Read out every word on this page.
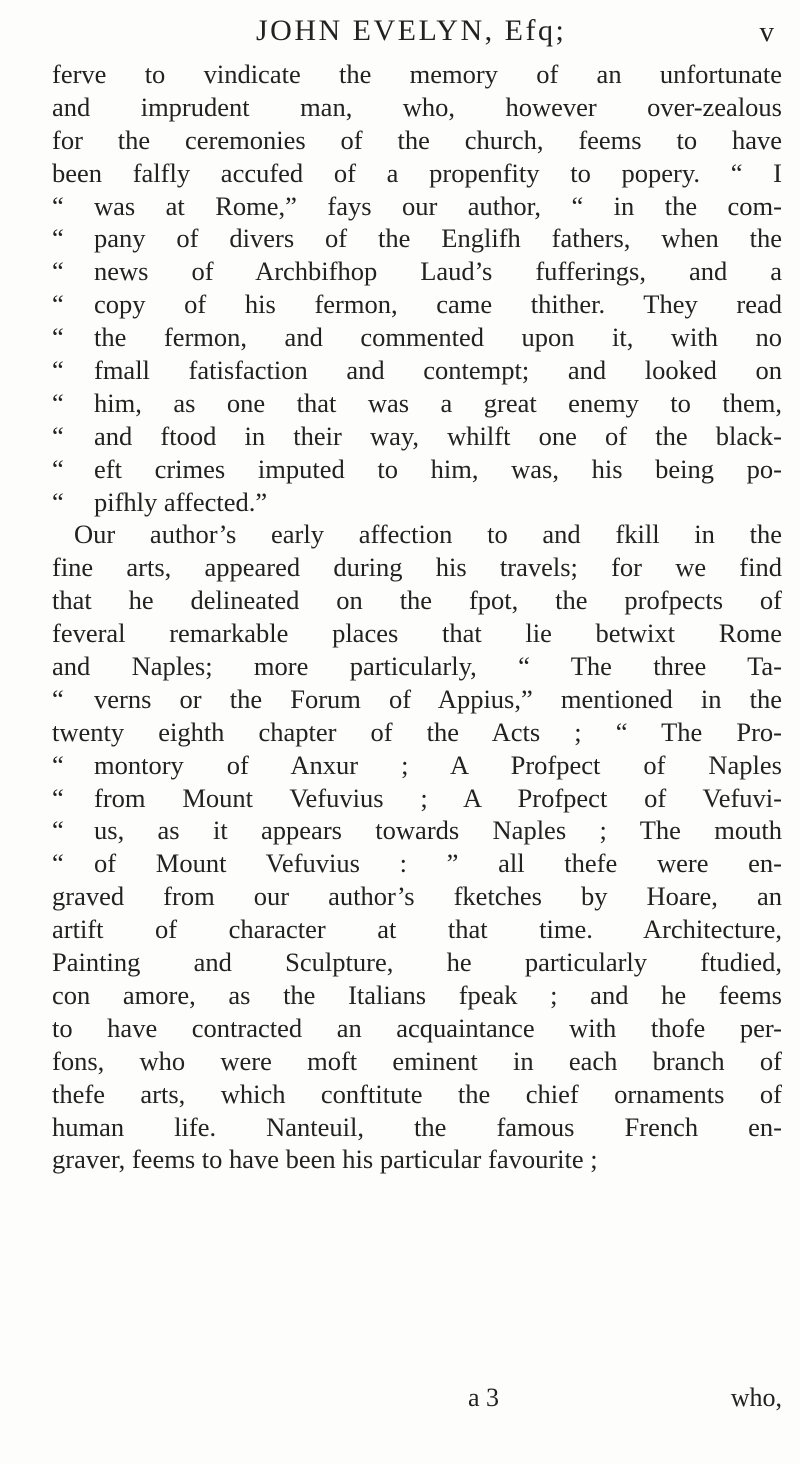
JOHN EVELYN, Efq;	v
ferve to vindicate the memory of an unfortunate
and imprudent man, who, however over-zealous
for the ceremonies of the church, feems to have
been falfly accufed of a propenfity to popery. “ I
“	was at Rome,” fays our author, “ in the com-
“	pany of divers of the Englifh fathers, when the
“	news of Archbifhop Laud’s fufferings, and a
“	copy of his fermon, came thither. They read
“	the fermon, and commented upon it, with no
“	fmall fatisfaction and contempt; and looked on
“	him, as one that was a great enemy to them,
“	and ftood in their way, whilft one of the black-
“	eft crimes imputed to him, was, his being po-
“	pifhly affected.”
Our author’s early affection to and fkill in the
fine arts, appeared during his travels; for we find
that he delineated on the fpot, the profpects of
feveral remarkable places that lie betwixt Rome
and Naples; more particularly, “ The three Ta-
“	verns or the Forum of Appius,” mentioned in the
twenty eighth chapter of the Acts ; “ The Pro-
“	montory of Anxur ; A Profpect of Naples
“	from Mount Vefuvius ; A Profpect of Vefuvi-
“	us, as it appears towards Naples ; The mouth
“	of Mount Vefuvius : ” all thefe were en-
graved from our author’s fketches by Hoare, an
artift of character at that time. Architecture,
Painting and Sculpture, he particularly ftudied,
con amore, as the Italians fpeak ; and he feems
to have contracted an acquaintance with thofe per-
fons, who were moft eminent in each branch of
thefe arts, which conftitute the chief ornaments of
human life. Nanteuil, the famous French en-
graver, feems to have been his particular favourite ;
a 3	who,
